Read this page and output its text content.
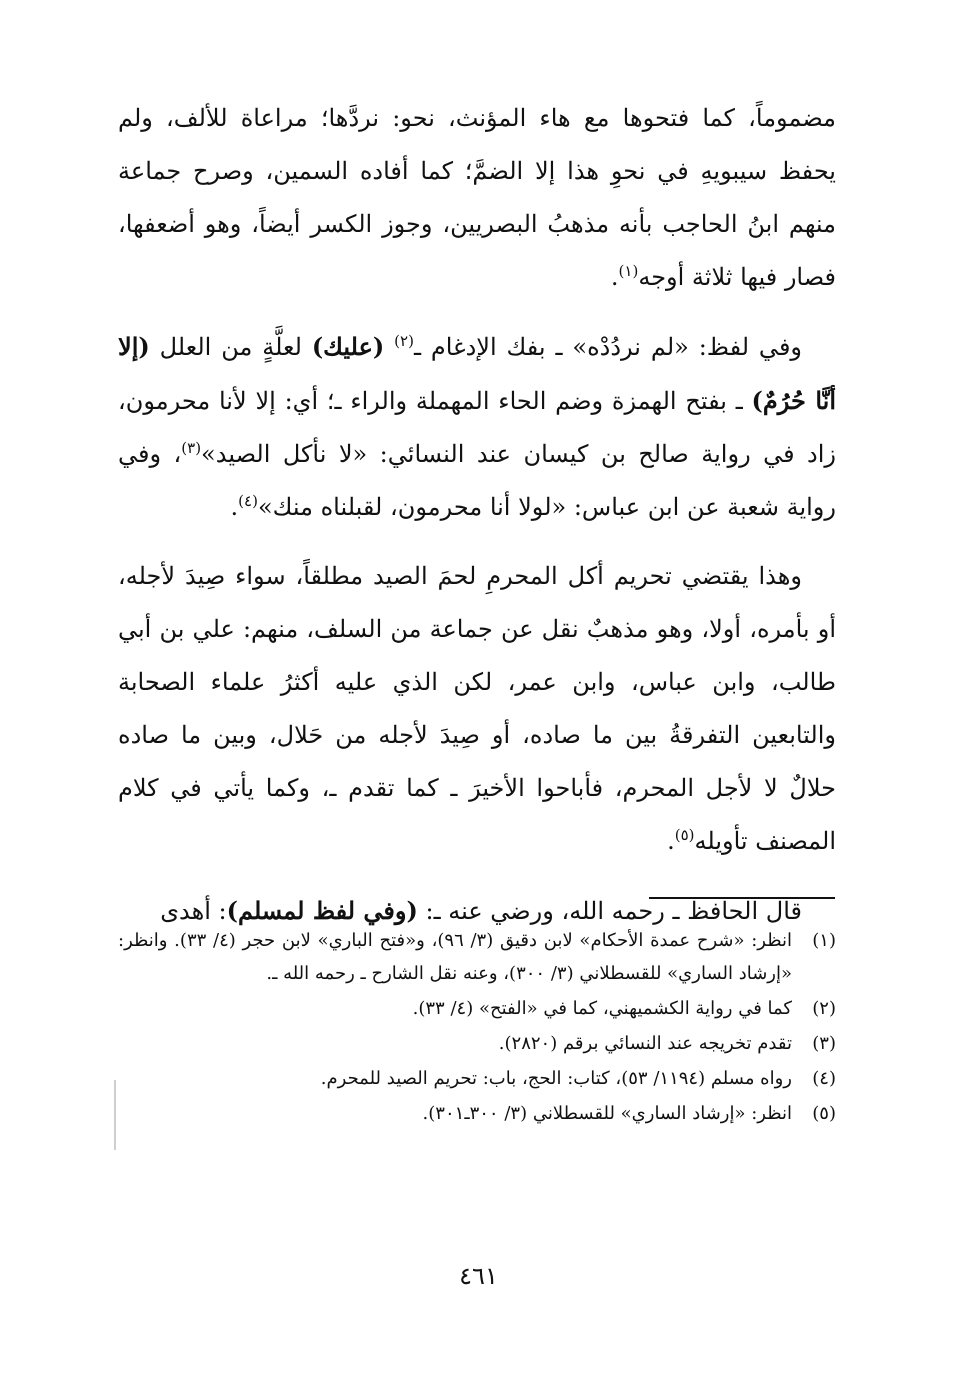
مضموماً، كما فتحوها مع هاء المؤنث، نحو: نردَّها؛ مراعاة للألف، ولم يحفظ سيبويهِ في نحوِ هذا إلا الضمَّ؛ كما أفاده السمين، وصرح جماعة منهم ابنُ الحاجب بأنه مذهبُ البصريين، وجوز الكسر أيضاً، وهو أضعفها، فصار فيها ثلاثة أوجه$^{(١)}$.

وفي لفظ: «لم نردُدْه» ـ بفك الإدغام ـ$^{(٢)}$ (عليك) لعلَّةٍ من العلل (إلا أنَّا حُرُمٌ) ـ بفتح الهمزة وضم الحاء المهملة والراء ـ؛ أي: إلا لأنا محرمون، زاد في رواية صالح بن كيسان عند النسائي: «لا نأكل الصيد»$^{(٣)}$، وفي رواية شعبة عن ابن عباس: «لولا أنا محرمون، لقبلناه منك»$^{(٤)}$.

وهذا يقتضي تحريم أكل المحرمِ لحمَ الصيد مطلقاً، سواء صِيدَ لأجله، أو بأمره، أولا، وهو مذهبٌ نقل عن جماعة من السلف، منهم: علي بن أبي طالب، وابن عباس، وابن عمر، لكن الذي عليه أكثرُ علماء الصحابة والتابعين التفرقةُ بين ما صاده، أو صِيدَ لأجله من حَلال، وبين ما صاده حلالٌ لا لأجل المحرم، فأباحوا الأخيرَ ـ كما تقدم ـ، وكما يأتي في كلام المصنف تأويله$^{(٥)}$.

قال الحافظ ـ رحمه الله، ورضي عنه ـ: (وفي لفظ لمسلم): أهدى

(١)
انظر: «شرح عمدة الأحكام» لابن دقيق (٣/ ٩٦)، و«فتح الباري» لابن حجر (٤/ ٣٣). وانظر: «إرشاد الساري» للقسطلاني (٣/ ٣٠٠)، وعنه نقل الشارح ـ رحمه الله ـ.
(٢)
كما في رواية الكشميهني، كما في «الفتح» (٤/ ٣٣).
(٣)
تقدم تخريجه عند النسائي برقم (٢٨٢٠).
(٤)
رواه مسلم (١١٩٤/ ٥٣)، كتاب: الحج، باب: تحريم الصيد للمحرم.
(٥)
انظر: «إرشاد الساري» للقسطلاني (٣/ ٣٠٠ـ٣٠١).
٤٦١
